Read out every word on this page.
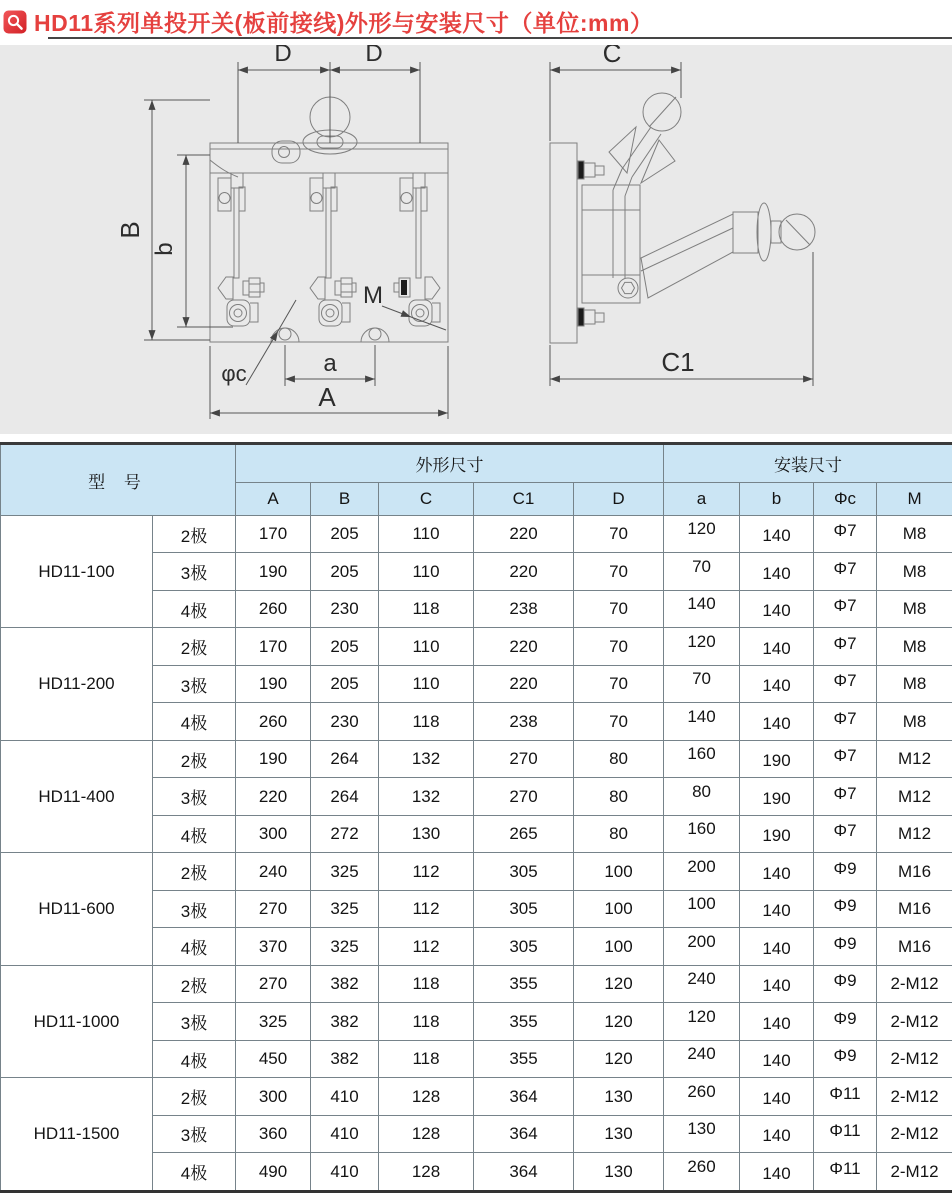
HD11系列单投开关(板前接线)外形与安装尺寸（单位:mm）
D	D
B
b
M
φc	a
A
C
C1
型 号		外形尺寸					安装尺寸			
		A	B	C	C1	D	a	b	Φc	M
HD11-100	2极	170	205	110	220	70	120	140	Φ7	M8
	3极	190	205	110	220	70	70	140	Φ7	M8
	4极	260	230	118	238	70	140	140	Φ7	M8
HD11-200	2极	170	205	110	220	70	120	140	Φ7	M8
	3极	190	205	110	220	70	70	140	Φ7	M8
	4极	260	230	118	238	70	140	140	Φ7	M8
HD11-400	2极	190	264	132	270	80	160	190	Φ7	M12
	3极	220	264	132	270	80	80	190	Φ7	M12
	4极	300	272	130	265	80	160	190	Φ7	M12
HD11-600	2极	240	325	112	305	100	200	140	Φ9	M16
	3极	270	325	112	305	100	100	140	Φ9	M16
	4极	370	325	112	305	100	200	140	Φ9	M16
HD11-1000	2极	270	382	118	355	120	240	140	Φ9	2-M12
	3极	325	382	118	355	120	120	140	Φ9	2-M12
	4极	450	382	118	355	120	240	140	Φ9	2-M12
HD11-1500	2极	300	410	128	364	130	260	140	Φ11	2-M12
	3极	360	410	128	364	130	130	140	Φ11	2-M12
	4极	490	410	128	364	130	260	140	Φ11	2-M12
